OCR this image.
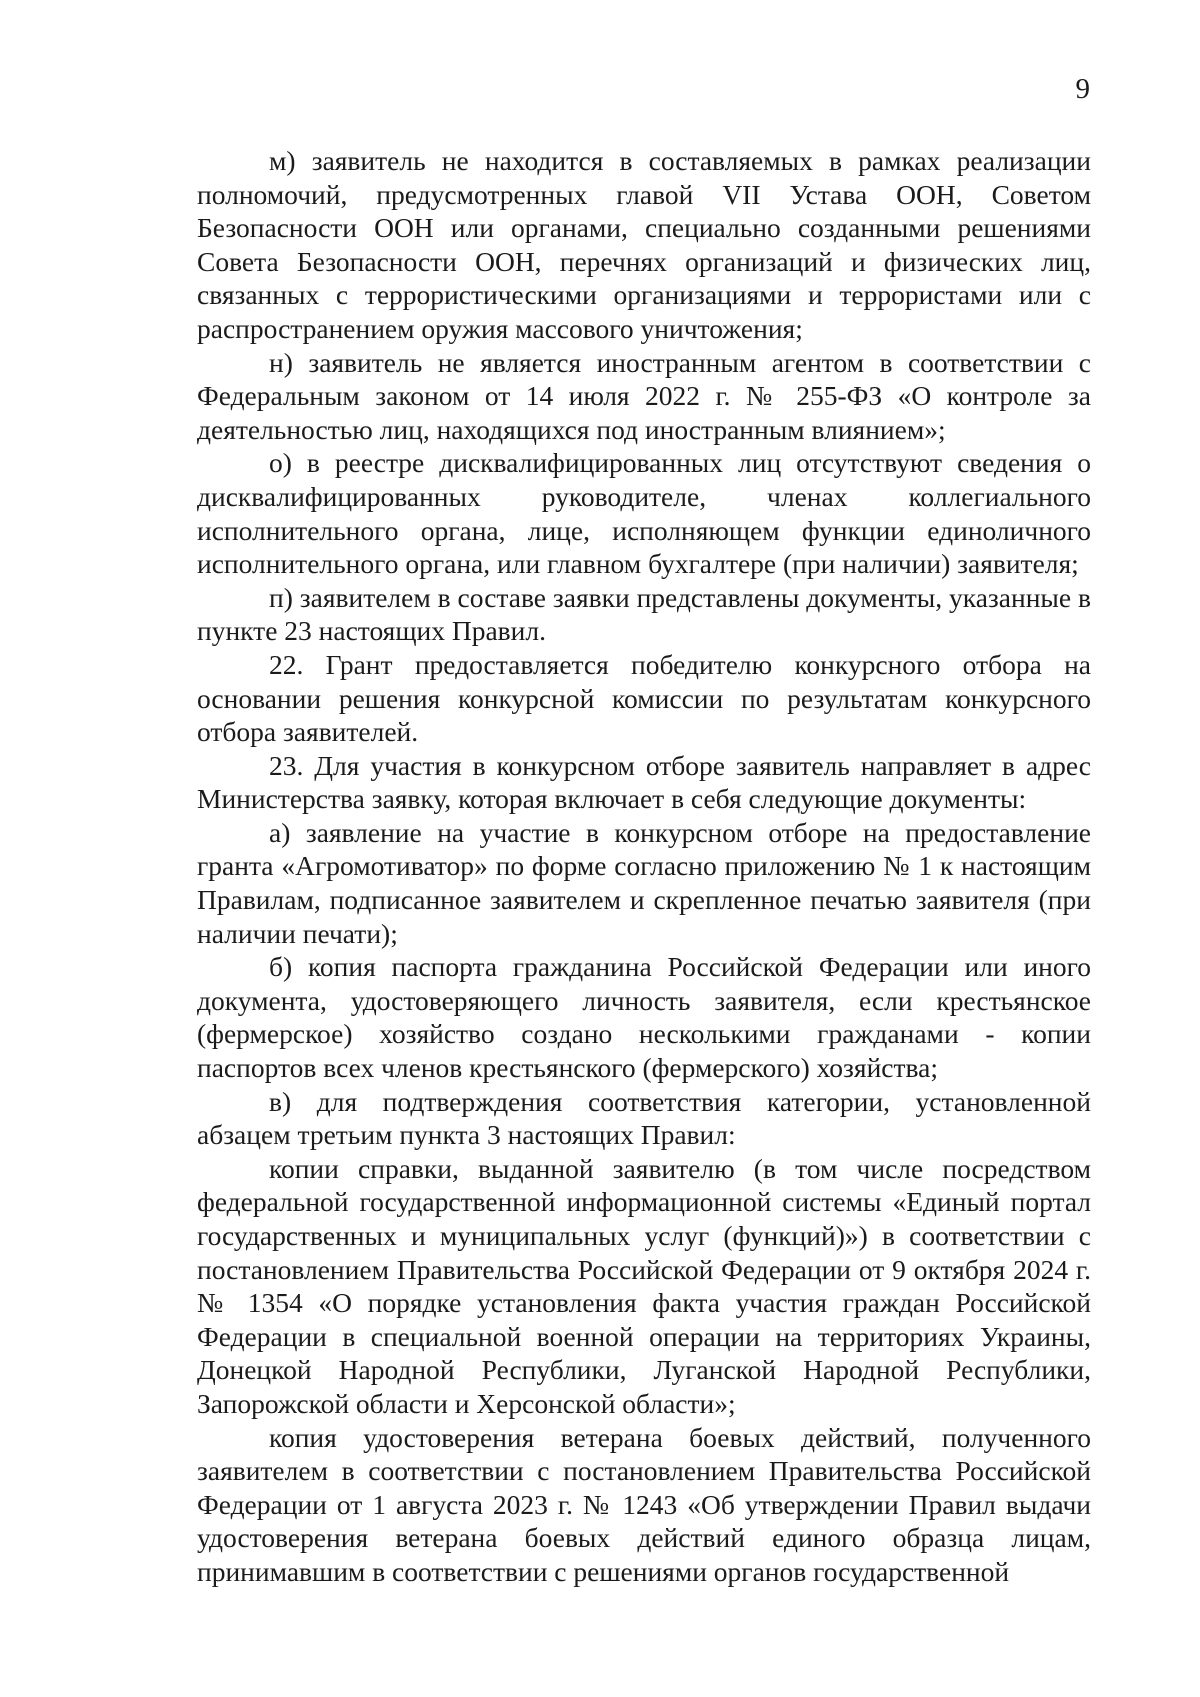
9

м) заявитель не находится в составляемых в рамках реализации полномочий, предусмотренных главой VII Устава ООН, Советом Безопасности ООН или органами, специально созданными решениями Совета Безопасности ООН, перечнях организаций и физических лиц, связанных с террористическими организациями и террористами или с распространением оружия массового уничтожения;

н) заявитель не является иностранным агентом в соответствии с Федеральным законом от 14 июля 2022 г. № 255-ФЗ «О контроле за деятельностью лиц, находящихся под иностранным влиянием»;

о) в реестре дисквалифицированных лиц отсутствуют сведения о дисквалифицированных руководителе, членах коллегиального исполнительного органа, лице, исполняющем функции единоличного исполнительного органа, или главном бухгалтере (при наличии) заявителя;

п) заявителем в составе заявки представлены документы, указанные в пункте 23 настоящих Правил.

22. Грант предоставляется победителю конкурсного отбора на основании решения конкурсной комиссии по результатам конкурсного отбора заявителей.

23. Для участия в конкурсном отборе заявитель направляет в адрес Министерства заявку, которая включает в себя следующие документы:

а) заявление на участие в конкурсном отборе на предоставление гранта «Агромотиватор» по форме согласно приложению № 1 к настоящим Правилам, подписанное заявителем и скрепленное печатью заявителя (при наличии печати);

б) копия паспорта гражданина Российской Федерации или иного документа, удостоверяющего личность заявителя, если крестьянское (фермерское) хозяйство создано несколькими гражданами - копии паспортов всех членов крестьянского (фермерского) хозяйства;

в) для подтверждения соответствия категории, установленной абзацем третьим пункта 3 настоящих Правил:

копии справки, выданной заявителю (в том числе посредством федеральной государственной информационной системы «Единый портал государственных и муниципальных услуг (функций)») в соответствии с постановлением Правительства Российской Федерации от 9 октября 2024 г. № 1354 «О порядке установления факта участия граждан Российской Федерации в специальной военной операции на территориях Украины, Донецкой Народной Республики, Луганской Народной Республики, Запорожской области и Херсонской области»;

копия удостоверения ветерана боевых действий, полученного заявителем в соответствии с постановлением Правительства Российской Федерации от 1 августа 2023 г. № 1243 «Об утверждении Правил выдачи удостоверения ветерана боевых действий единого образца лицам, принимавшим в соответствии с решениями органов государственной
